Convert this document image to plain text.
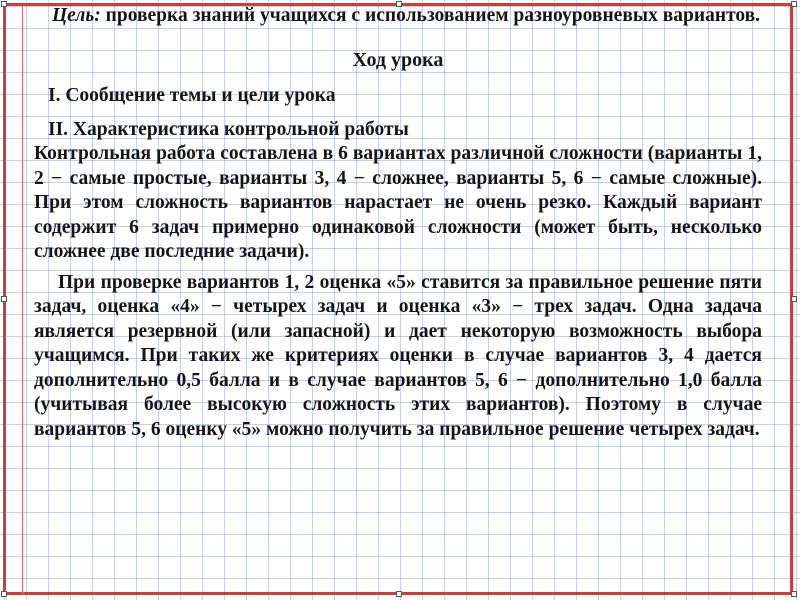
Цель: проверка знаний учащихся с использованием разноуровневых вариантов.

Ход урока
I. Сообщение темы и цели урока
II. Характеристика контрольной работы

Контрольная работа составлена в 6 вариантах различной сложности (варианты 1, 2 − самые простые, варианты 3, 4 − сложнее, варианты 5, 6 − самые сложные). При этом сложность вариантов нарастает не очень резко. Каждый вариант содержит 6 задач примерно одинаковой сложности (может быть, несколько сложнее две последние задачи).

При проверке вариантов 1, 2 оценка «5» ставится за правильное решение пяти задач, оценка «4» − четырех задач и оценка «3» − трех задач. Одна задача является резервной (или запасной) и дает некоторую возможность выбора учащимся. При таких же критериях оценки в случае вариантов 3, 4 дается дополнительно 0,5 балла и в случае вариантов 5, 6 − дополнительно 1,0 балла (учитывая более высокую сложность этих вариантов). Поэтому в случае вариантов 5, 6 оценку «5» можно получить за правильное решение четырех задач.
